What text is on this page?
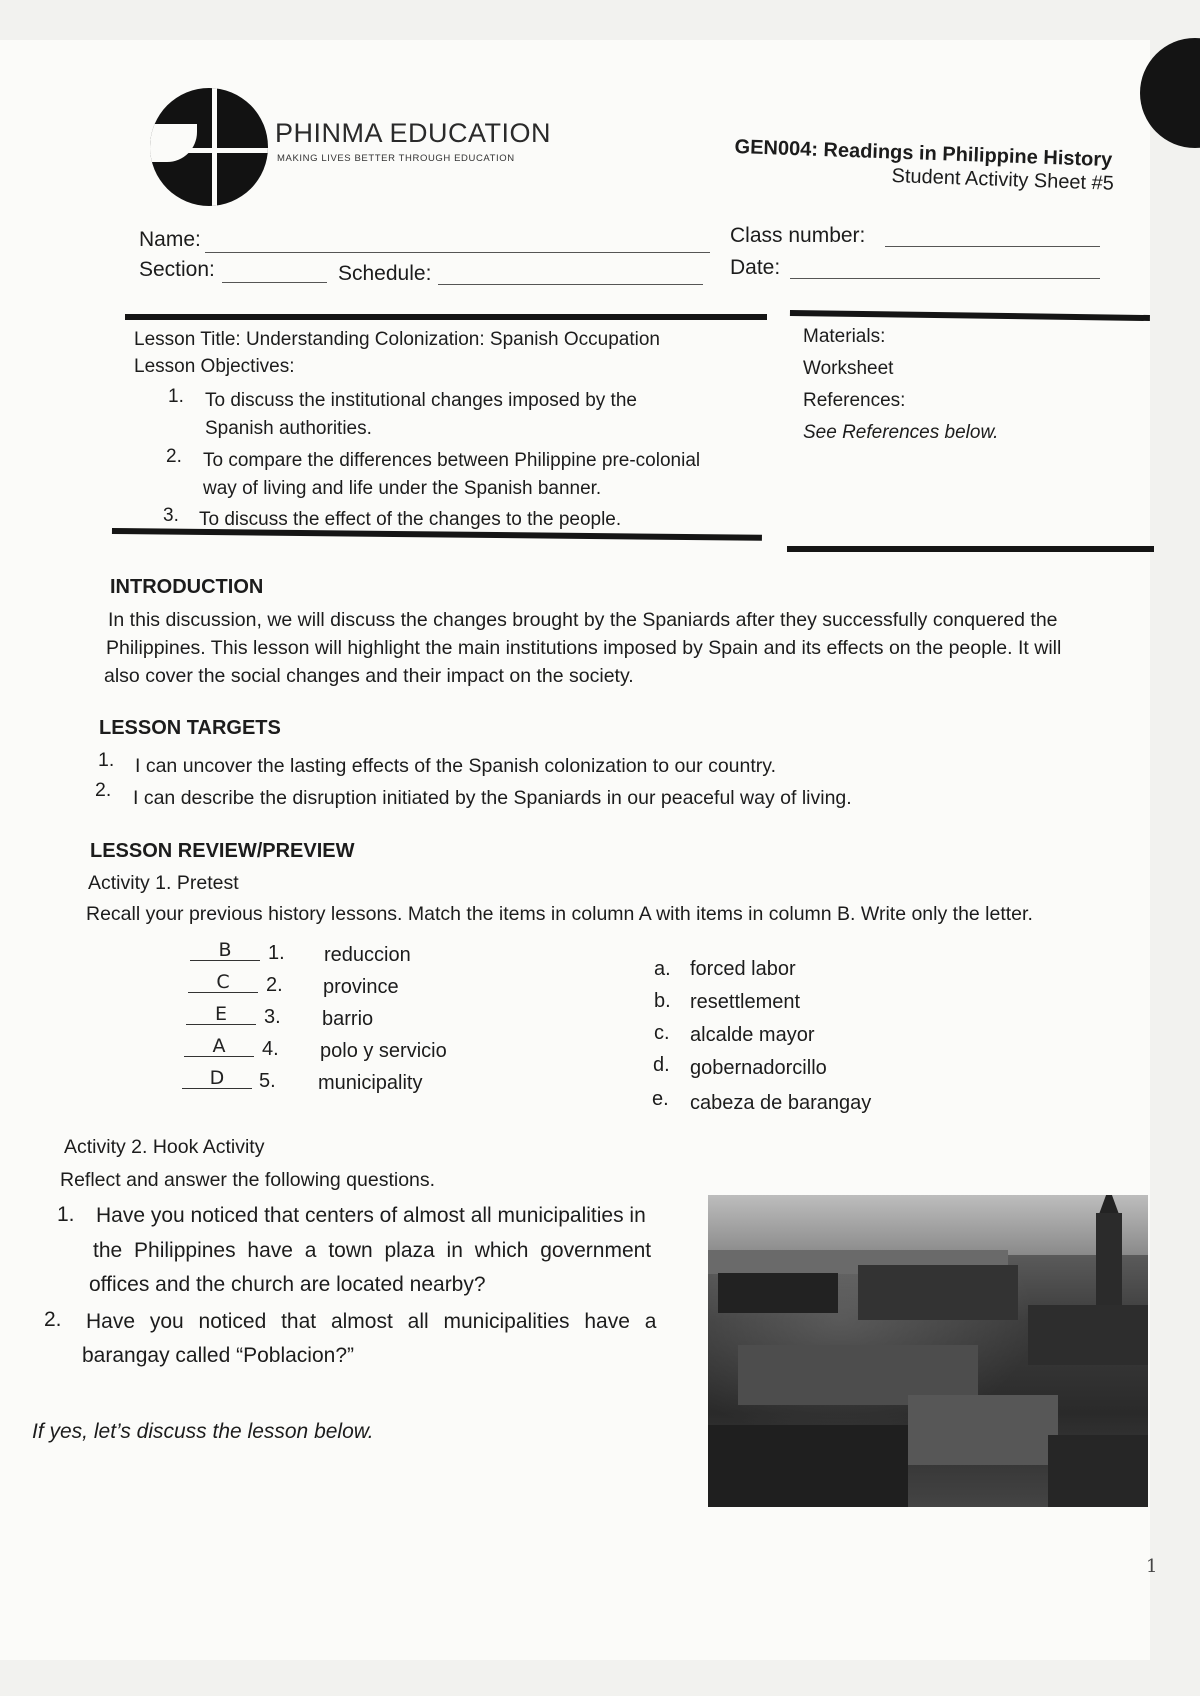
PHINMA EDUCATION
MAKING LIVES BETTER THROUGH EDUCATION	GEN004: Readings in Philippine History
Student Activity Sheet #5
Name:
Section:	Schedule:
Class number:
Date:
Lesson Title: Understanding Colonization: Spanish Occupation
Lesson Objectives:
1. To discuss the institutional changes imposed by the
Spanish authorities.
2. To compare the differences between Philippine pre-colonial
way of living and life under the Spanish banner.
3. To discuss the effect of the changes to the people.
Materials:
Worksheet
References:
See References below.
INTRODUCTION
In this discussion, we will discuss the changes brought by the Spaniards after they successfully conquered the
Philippines. This lesson will highlight the main institutions imposed by Spain and its effects on the people. It will
also cover the social changes and their impact on the society.
LESSON TARGETS
1. I can uncover the lasting effects of the Spanish colonization to our country.
2. I can describe the disruption initiated by the Spaniards in our peaceful way of living.
LESSON REVIEW/PREVIEW
Activity 1. Pretest
Recall your previous history lessons. Match the items in column A with items in column B. Write only the letter.
B	1. reduccion
C	2. province
E	3. barrio
A	4. polo y servicio
D	5. municipality
a. forced labor
b. resettlement
c. alcalde mayor
d. gobernadorcillo
e. cabeza de barangay
Activity 2. Hook Activity
Reflect and answer the following questions.
1. Have you noticed that centers of almost all municipalities in
the Philippines have a town plaza in which government
offices and the church are located nearby?
2. Have you noticed that almost all municipalities have a
barangay called “Poblacion?”
If yes, let’s discuss the lesson below.
1
